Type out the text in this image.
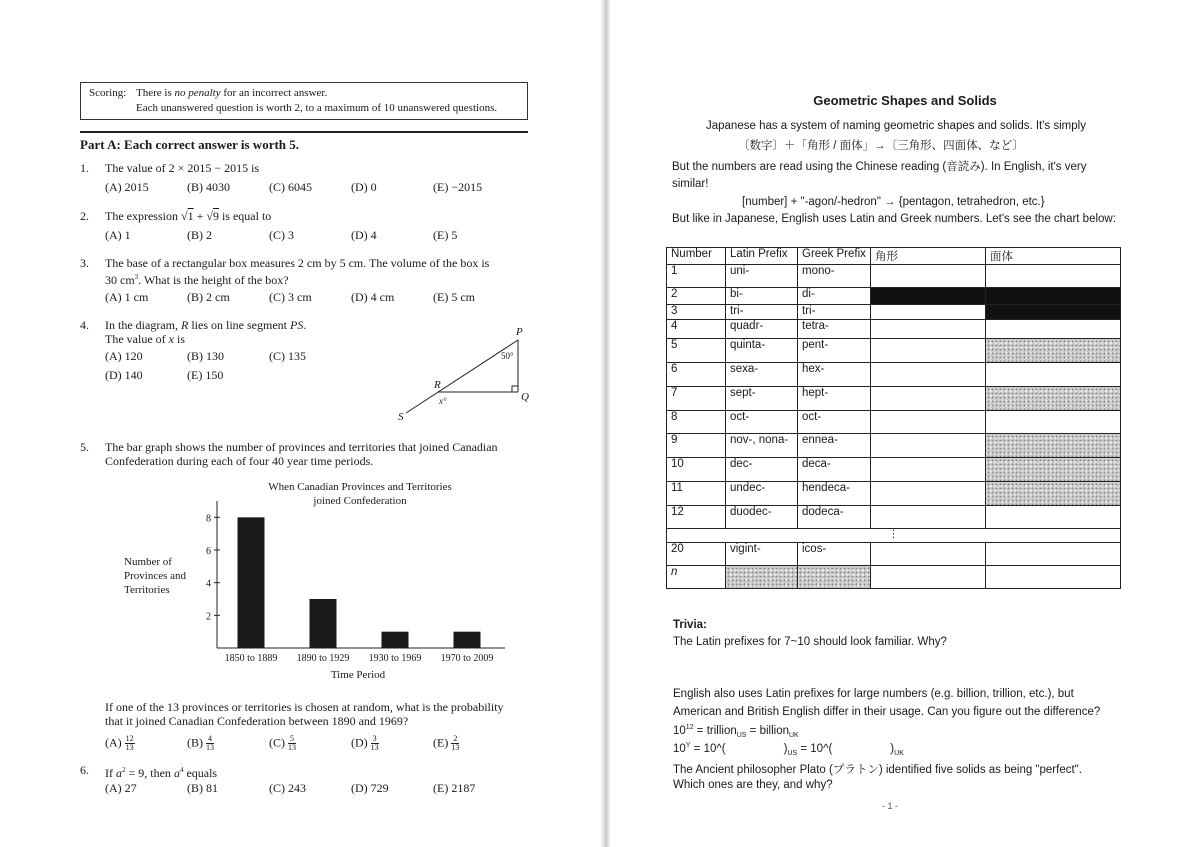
Scoring: There is no penalty for an incorrect answer.
Each unanswered question is worth 2, to a maximum of 10 unanswered questions.
Part A: Each correct answer is worth 5.
1. The value of 2 × 2015 − 2015 is
(A) 2015	(B) 4030	(C) 6045	(D) 0	(E) −2015
2. The expression √1 + √9 is equal to
(A) 1	(B) 2	(C) 3	(D) 4	(E) 5
3. The base of a rectangular box measures 2 cm by 5 cm. The volume of the box is
30 $cm^3$. What is the height of the box?
(A) 1 cm	(B) 2 cm	(C) 3 cm	(D) 4 cm	(E) 5 cm
4. In the diagram, R lies on line segment PS.
The value of x is
(A) 120	(B) 130	(C) 135
(D) 140	(E) 150
P
Q
R
S
50°
x°
5. The bar graph shows the number of provinces and territories that joined Canadian
Confederation during each of four 40 year time periods.
When Canadian Provinces and Territories
joined Confederation
Number of
Provinces and
Territories
Time Period
2
4
6
8
1850 to 1889 1890 to 1929 1930 to 1969 1970 to 2009
If one of the 13 provinces or territories is chosen at random, what is the probability
that it joined Canadian Confederation between 1890 and 1969?
$(A) \frac{12}{13}$	$(B) \frac{4}{13}$	$(C) \frac{5}{13}$	$(D) \frac{3}{13}$	$(E) \frac{2}{13}$
6. If $a^2 = 9$, then $a^4$ equals
(A) 27	(B) 81	(C) 243	(D) 729	(E) 2187
Geometric Shapes and Solids
Japanese has a system of naming geometric shapes and solids. It's simply
〔数字〕＋「角形 / 面体」→〔三角形、四面体、など〕
But the numbers are read using the Chinese reading (音読み). In English, it's very
similar!
[number] + "-agon/-hedron" → {pentagon, tetrahedron, etc.}
But like in Japanese, English uses Latin and Greek numbers. Let's see the chart below:
Number	Latin Prefix	Greek Prefix	角形	面体
1	uni-	mono-		
2	bi-	di-		
3	tri-	tri-		
4	quadr-	tetra-		
5	quinta-	pent-		
6	sexa-	hex-		
7	sept-	hept-		
8	oct-	oct-		
9	nov-, nona-	ennea-		
10	dec-	deca-		
11	undec-	hendeca-		
12	duodec-	dodeca-		
⋮				
20	vigint-	icos-		
n				
Trivia:
The Latin prefixes for 7~10 should look familiar. Why?
English also uses Latin prefixes for large numbers (e.g. billion, trillion, etc.), but
American and British English differ in their usage. Can you figure out the difference?
$10^{12}$ = trillion$_{US}$ = billion$_{UK}$
$10^Y$ = 10^(	)$_{US}$ = 10^(	)$_{UK}$
The Ancient philosopher Plato (プラトン) identified five solids as being "perfect".
Which ones are they, and why?
- 1 -
